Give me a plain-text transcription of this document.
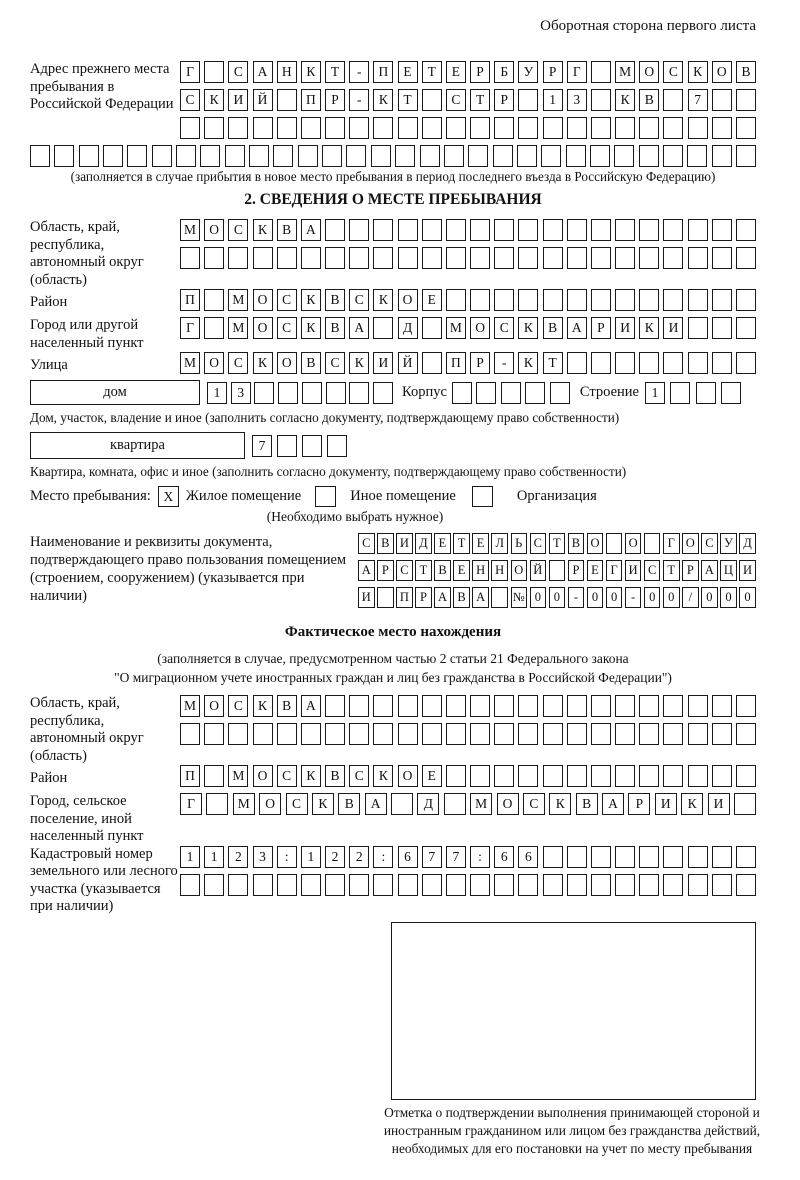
Оборотная сторона первого листа
Адрес прежнего места пребывания в Российской Федерации
Г	С	А	Н	К	Т	-	П	Е	Т	Е	Р	Б	У	Р	Г	М О	С	К	О	В
С	К	И	Й	П	Р	-	К	Т	С	Т	Р	1	3	К	В	7
(заполняется в случае прибытия в новое место пребывания в период последнего въезда в Российскую Федерацию)
2. СВЕДЕНИЯ О МЕСТЕ ПРЕБЫВАНИЯ
Область, край, республика, автономный округ (область)
М О	С	К	В	А
Район	П	М О	С	К	В	С	К	О	Е
Город или другой населенный пункт
Г	М О	С	К	В	А	Д	М О	С	К	В	А	Р	И	К	И
Улица	М О	С	К	О	В	С	К	И	Й	П	Р	-	К	Т
дом	1	3	Корпус	Строение 1
Дом, участок, владение и иное (заполнить согласно документу, подтверждающему право собственности)
квартира	7
Квартира, комната, офис и иное (заполнить согласно документу, подтверждающему право собственности)
Место пребывания: X Жилое помещение	Иное помещение	Организация
(Необходимо выбрать нужное)
Наименование и реквизиты документа, подтверждающего право пользования помещением (строением, сооружением) (указывается при наличии)
С В И Д Е Т Е Л Ь С Т В О О	Г О С У Д
А Р С Т В Е Н Н О Й	Р Е Г И С Т Р А Ц И
И П Р А В А № 0	0	-	0	0	-	0	0	/	0	0	0
Фактическое место нахождения
(заполняется в случае, предусмотренном частью 2 статьи 21 Федерального закона
"О миграционном учете иностранных граждан и лиц без гражданства в Российской Федерации")
Область, край, республика, автономный округ (область)
М О	С	К	В	А
Район	П	М О	С	К	В	С	К	О	Е
Город, сельское поселение, иной населенный пункт
Г	М	О	С	К	В	А	Д	М	О	С	К	В	А	Р	И	К	И
Кадастровый номер земельного или лесного участка (указывается при наличии)
1	1	2	3	:	1	2	2	:	6	7	7	:	6	6
Отметка о подтверждении выполнения принимающей стороной и иностранным гражданином или лицом без гражданства действий, необходимых для его постановки на учет по месту пребывания
